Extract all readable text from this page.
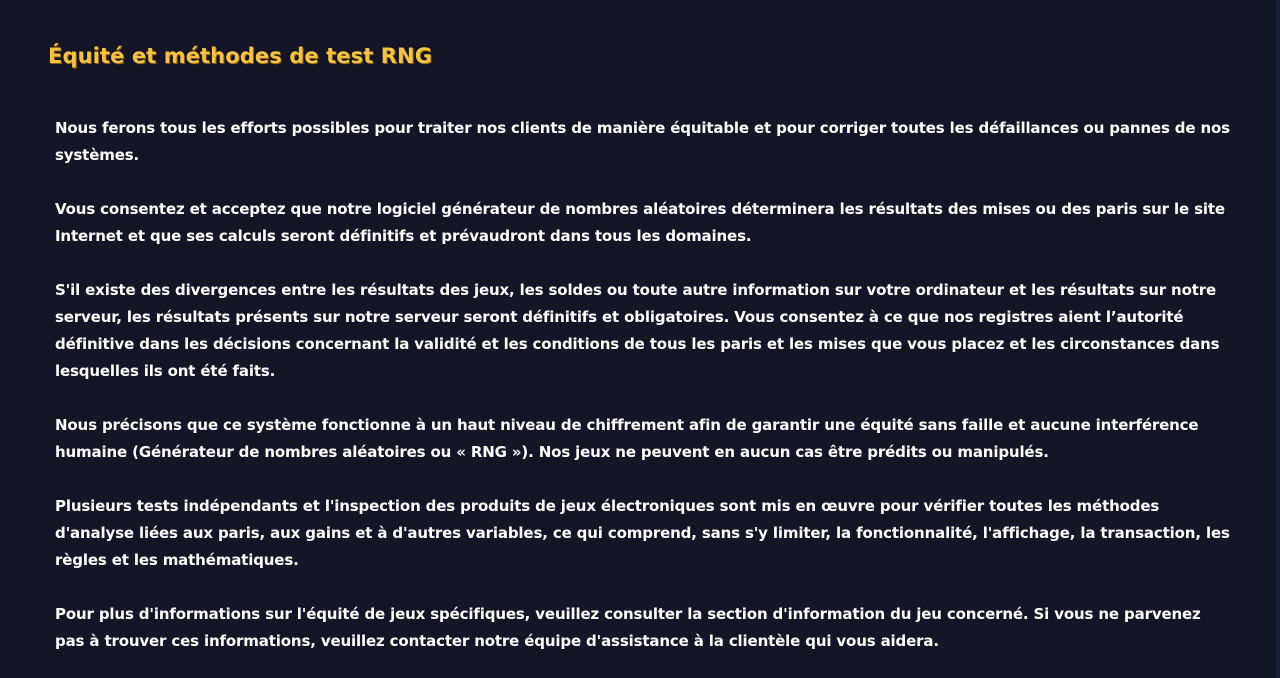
Équité et méthodes de test RNG

Nous ferons tous les efforts possibles pour traiter nos clients de manière équitable et pour corriger toutes les défaillances ou pannes de nos systèmes.

Vous consentez et acceptez que notre logiciel générateur de nombres aléatoires déterminera les résultats des mises ou des paris sur le site Internet et que ses calculs seront définitifs et prévaudront dans tous les domaines.

S'il existe des divergences entre les résultats des jeux, les soldes ou toute autre information sur votre ordinateur et les résultats sur notre serveur, les résultats présents sur notre serveur seront définitifs et obligatoires. Vous consentez à ce que nos registres aient l’autorité définitive dans les décisions concernant la validité et les conditions de tous les paris et les mises que vous placez et les circonstances dans lesquelles ils ont été faits.

Nous précisons que ce système fonctionne à un haut niveau de chiffrement afin de garantir une équité sans faille et aucune interférence humaine (Générateur de nombres aléatoires ou « RNG »). Nos jeux ne peuvent en aucun cas être prédits ou manipulés.

Plusieurs tests indépendants et l'inspection des produits de jeux électroniques sont mis en œuvre pour vérifier toutes les méthodes d'analyse liées aux paris, aux gains et à d'autres variables, ce qui comprend, sans s'y limiter, la fonctionnalité, l'affichage, la transaction, les règles et les mathématiques.

Pour plus d'informations sur l'équité de jeux spécifiques, veuillez consulter la section d'information du jeu concerné. Si vous ne parvenez pas à trouver ces informations, veuillez contacter notre équipe d'assistance à la clientèle qui vous aidera.
